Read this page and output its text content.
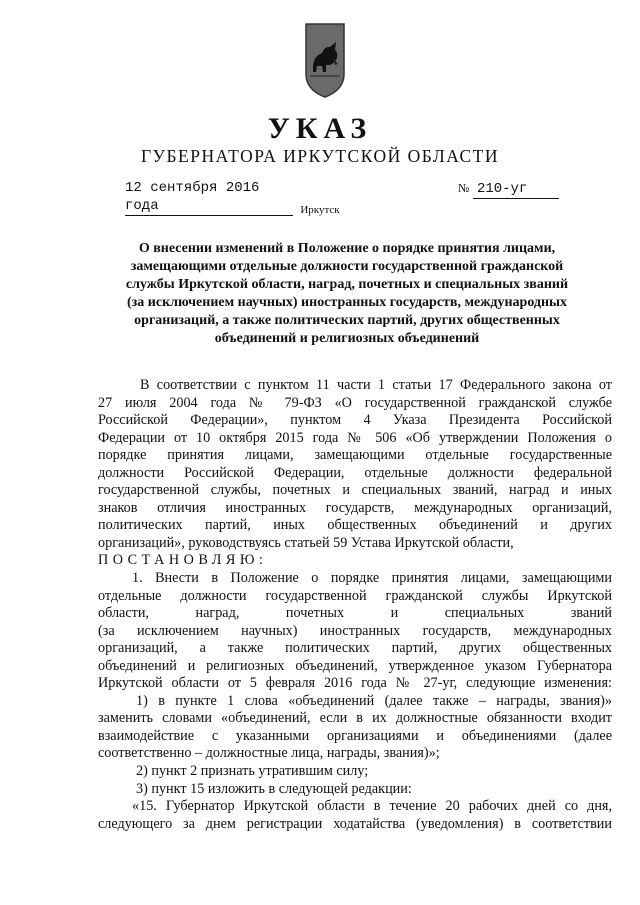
УКАЗ
ГУБЕРНАТОРА ИРКУТСКОЙ ОБЛАСТИ
12 сентября 2016 года
№ 210-уг
Иркутск
О внесении изменений в Положение о порядке принятия лицами,
замещающими отдельные должности государственной гражданской
службы Иркутской области, наград, почетных и специальных званий
(за исключением научных) иностранных государств, международных
организаций, а также политических партий, других общественных
объединений и религиозных объединений
В соответствии с пунктом 11 части 1 статьи 17 Федерального закона от
27 июля 2004 года № 79-ФЗ «О государственной гражданской службе
Российской Федерации», пунктом 4 Указа Президента Российской
Федерации от 10 октября 2015 года № 506 «Об утверждении Положения о
порядке принятия лицами, замещающими отдельные государственные
должности Российской Федерации, отдельные должности федеральной
государственной службы, почетных и специальных званий, наград и иных
знаков отличия иностранных государств, международных организаций,
политических партий, иных общественных объединений и других
организаций», руководствуясь статьей 59 Устава Иркутской области,
ПОСТАНОВЛЯЮ:
1. Внести в Положение о порядке принятия лицами, замещающими
отдельные должности государственной гражданской службы Иркутской
области, наград, почетных и специальных званий
(за исключением научных) иностранных государств, международных
организаций, а также политических партий, других общественных
объединений и религиозных объединений, утвержденное указом Губернатора
Иркутской области от 5 февраля 2016 года № 27-уг, следующие изменения:
1) в пункте 1 слова «объединений (далее также – награды, звания)»
заменить словами «объединений, если в их должностные обязанности входит
взаимодействие с указанными организациями и объединениями (далее
соответственно – должностные лица, награды, звания)»;
2) пункт 2 признать утратившим силу;
3) пункт 15 изложить в следующей редакции:
«15. Губернатор Иркутской области в течение 20 рабочих дней со дня,
следующего за днем регистрации ходатайства (уведомления) в соответствии
